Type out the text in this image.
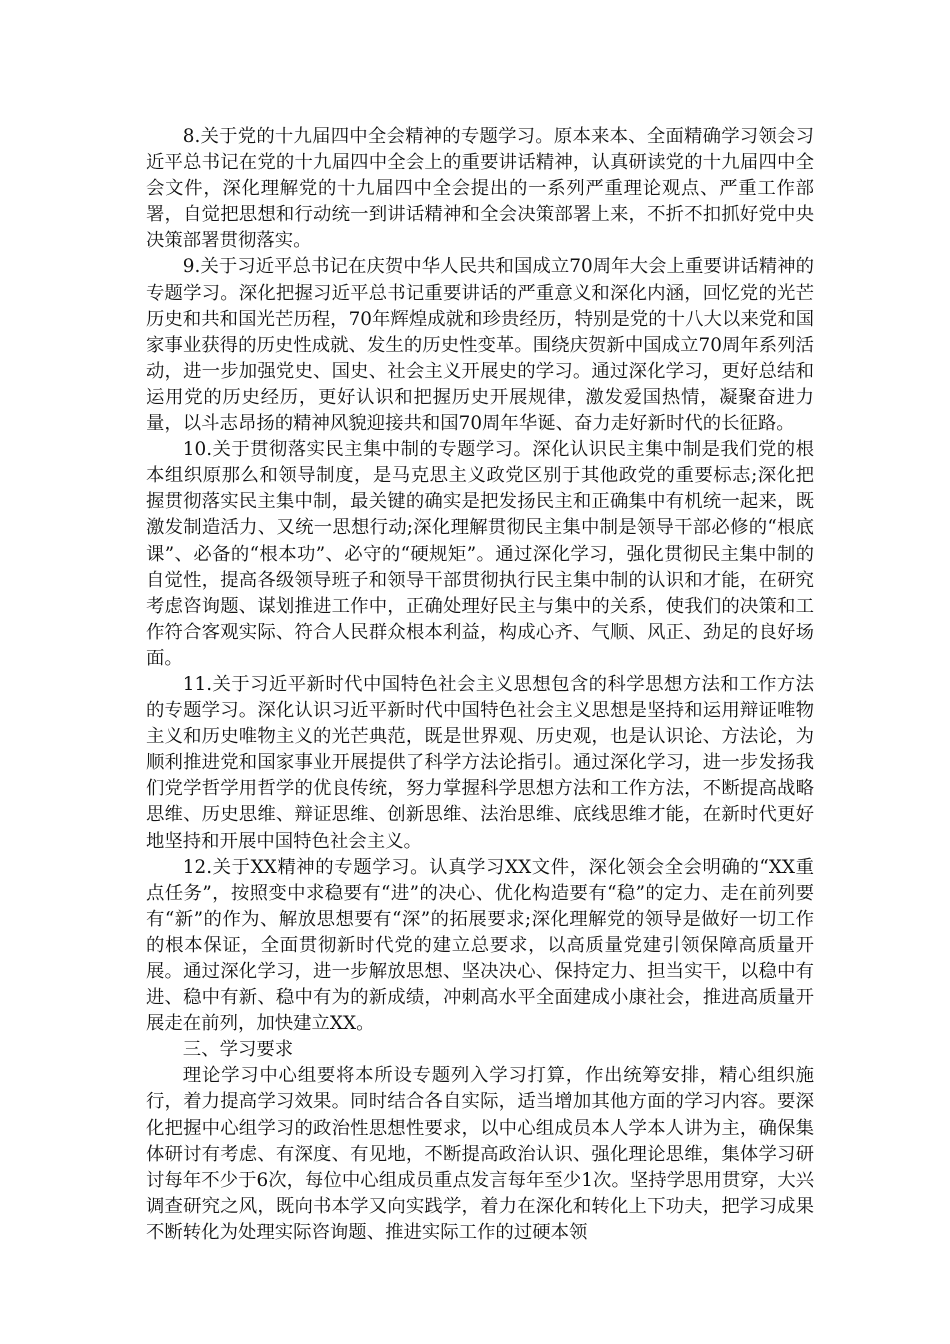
8.关于党的十九届四中全会精神的专题学习。原本来本、全面精确学习领会习近平总书记在党的十九届四中全会上的重要讲话精神，认真研读党的十九届四中全会文件，深化理解党的十九届四中全会提出的一系列严重理论观点、严重工作部署，自觉把思想和行动统一到讲话精神和全会决策部署上来，不折不扣抓好党中央决策部署贯彻落实。

9.关于习近平总书记在庆贺中华人民共和国成立70周年大会上重要讲话精神的专题学习。深化把握习近平总书记重要讲话的严重意义和深化内涵，回忆党的光芒历史和共和国光芒历程，70年辉煌成就和珍贵经历，特别是党的十八大以来党和国家事业获得的历史性成就、发生的历史性变革。围绕庆贺新中国成立70周年系列活动，进一步加强党史、国史、社会主义开展史的学习。通过深化学习，更好总结和运用党的历史经历，更好认识和把握历史开展规律，激发爱国热情，凝聚奋进力量，以斗志昂扬的精神风貌迎接共和国70周年华诞、奋力走好新时代的长征路。

10.关于贯彻落实民主集中制的专题学习。深化认识民主集中制是我们党的根本组织原那么和领导制度，是马克思主义政党区别于其他政党的重要标志;深化把握贯彻落实民主集中制，最关键的确实是把发扬民主和正确集中有机统一起来，既激发制造活力、又统一思想行动;深化理解贯彻民主集中制是领导干部必修的“根底课”、必备的“根本功”、必守的“硬规矩”。通过深化学习，强化贯彻民主集中制的自觉性，提高各级领导班子和领导干部贯彻执行民主集中制的认识和才能，在研究考虑咨询题、谋划推进工作中，正确处理好民主与集中的关系，使我们的决策和工作符合客观实际、符合人民群众根本利益，构成心齐、气顺、风正、劲足的良好场面。

11.关于习近平新时代中国特色社会主义思想包含的科学思想方法和工作方法的专题学习。深化认识习近平新时代中国特色社会主义思想是坚持和运用辩证唯物主义和历史唯物主义的光芒典范，既是世界观、历史观，也是认识论、方法论，为顺利推进党和国家事业开展提供了科学方法论指引。通过深化学习，进一步发扬我们党学哲学用哲学的优良传统，努力掌握科学思想方法和工作方法，不断提高战略思维、历史思维、辩证思维、创新思维、法治思维、底线思维才能，在新时代更好地坚持和开展中国特色社会主义。

12.关于XX精神的专题学习。认真学习XX文件，深化领会全会明确的“XX重点任务”，按照变中求稳要有“进”的决心、优化构造要有“稳”的定力、走在前列要有“新”的作为、解放思想要有“深”的拓展要求;深化理解党的领导是做好一切工作的根本保证，全面贯彻新时代党的建立总要求，以高质量党建引领保障高质量开展。通过深化学习，进一步解放思想、坚决决心、保持定力、担当实干，以稳中有进、稳中有新、稳中有为的新成绩，冲刺高水平全面建成小康社会，推进高质量开展走在前列，加快建立XX。

三、学习要求

理论学习中心组要将本所设专题列入学习打算，作出统筹安排，精心组织施行，着力提高学习效果。同时结合各自实际，适当增加其他方面的学习内容。要深化把握中心组学习的政治性思想性要求，以中心组成员本人学本人讲为主，确保集体研讨有考虑、有深度、有见地，不断提高政治认识、强化理论思维，集体学习研讨每年不少于6次，每位中心组成员重点发言每年至少1次。坚持学思用贯穿，大兴调查研究之风，既向书本学又向实践学，着力在深化和转化上下功夫，把学习成果不断转化为处理实际咨询题、推进实际工作的过硬本领
